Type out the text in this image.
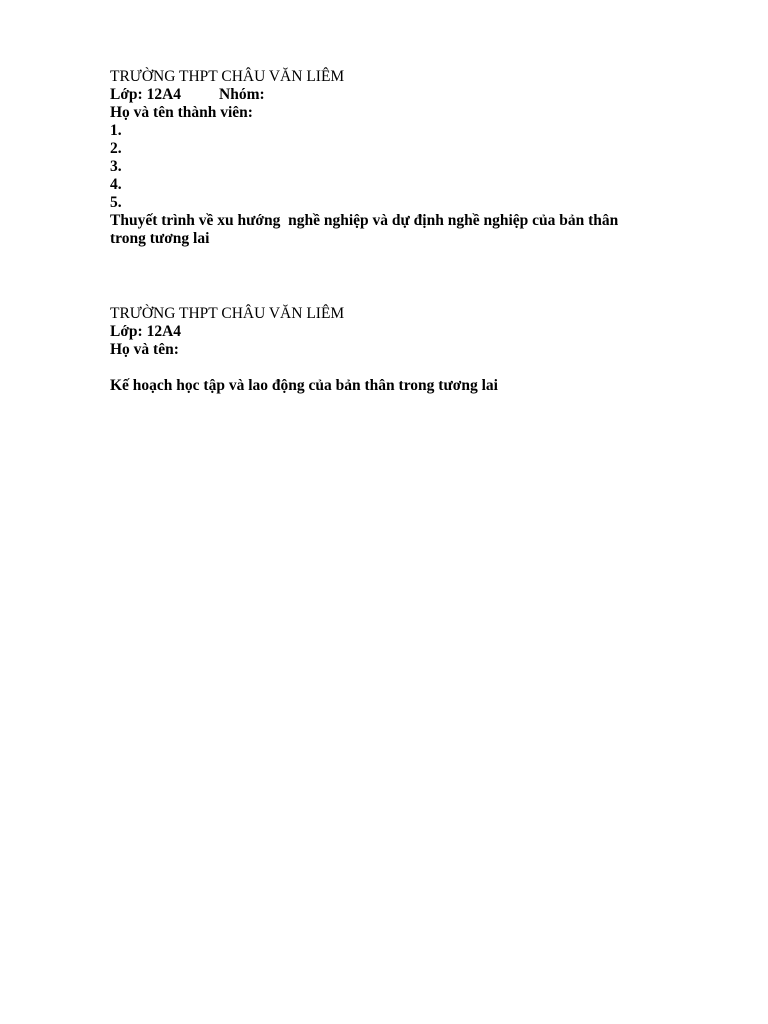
TRƯỜNG THPT CHÂU VĂN LIÊM
Lớp: 12A4 Nhóm:
Họ và tên thành viên:
1.
2.
3.
4.
5.
Thuyết trình về xu hướng  nghề nghiệp và dự định nghề nghiệp của bản thân
trong tương lai
TRƯỜNG THPT CHÂU VĂN LIÊM
Lớp: 12A4
Họ và tên:
Kế hoạch học tập và lao động của bản thân trong tương lai
